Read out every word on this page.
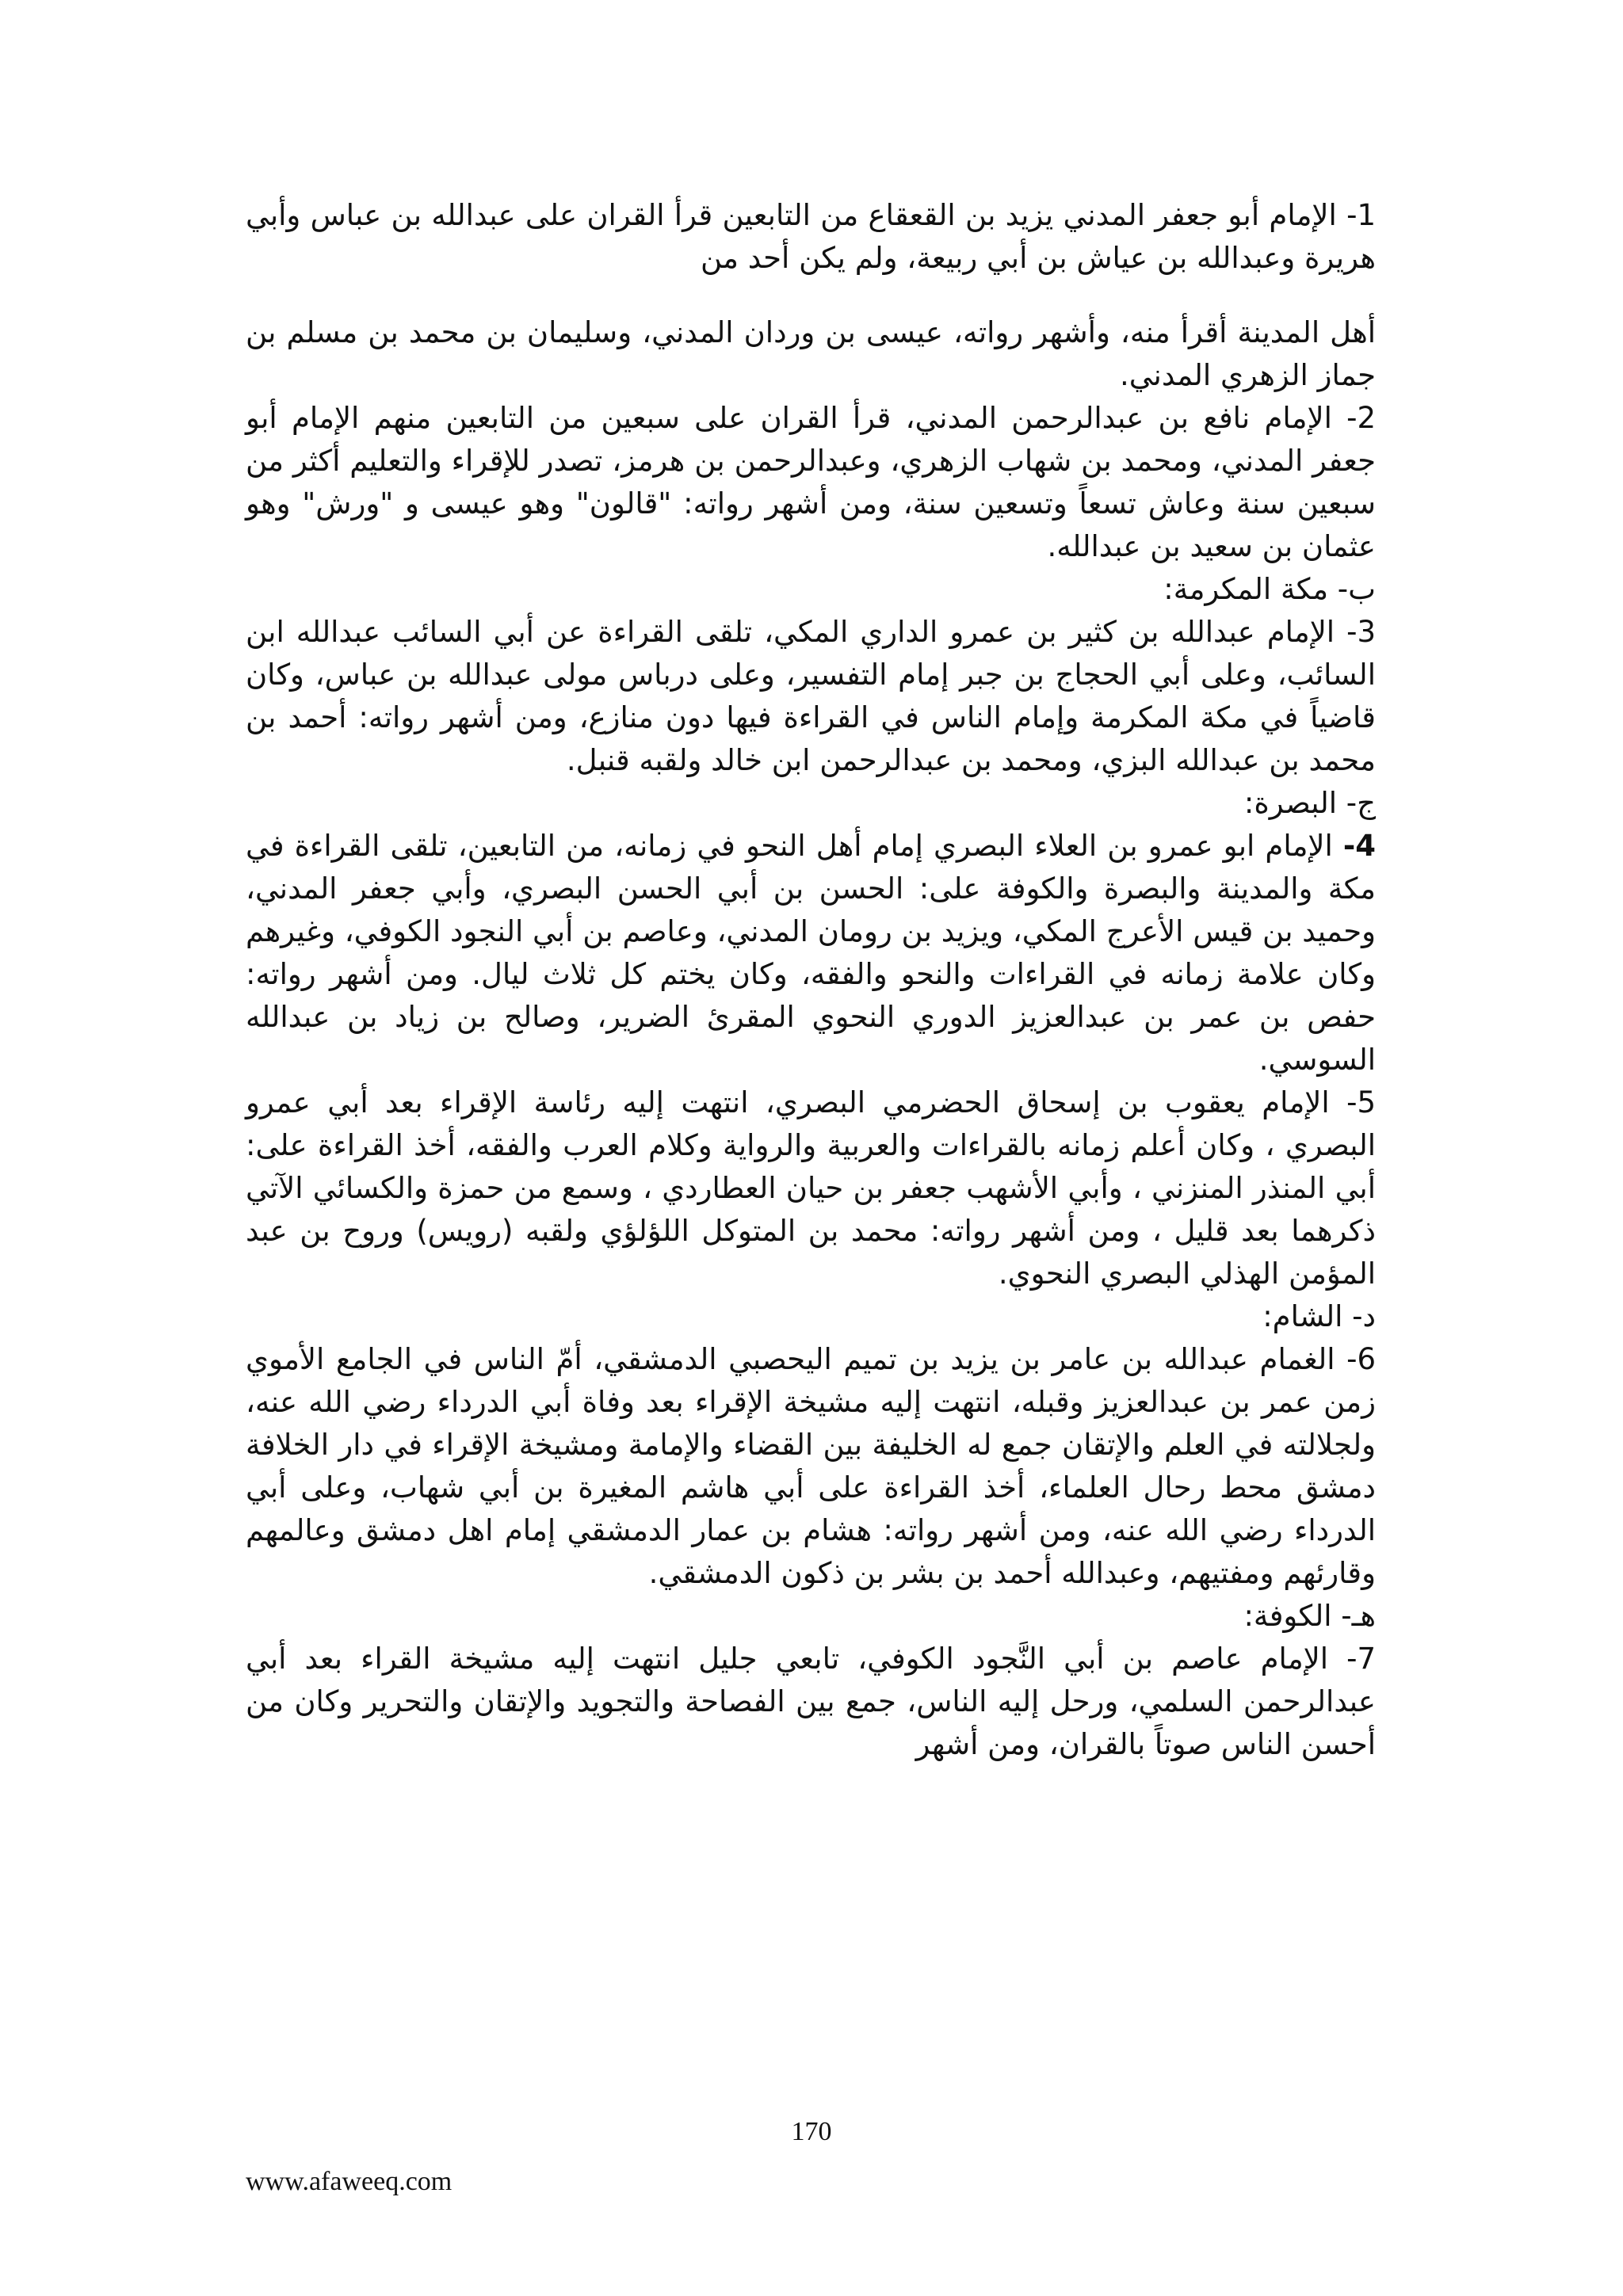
1- الإمام أبو جعفر المدني يزيد بن القعقاع من التابعين قرأ القران على عبدالله بن عباس وأبي هريرة وعبدالله بن عياش بن أبي ربيعة، ولم يكن أحد من

أهل المدينة أقرأ منه، وأشهر رواته، عيسى بن وردان المدني، وسليمان بن محمد بن مسلم بن جماز الزهري المدني.

2- الإمام نافع بن عبدالرحمن المدني، قرأ القران على سبعين من التابعين منهم الإمام أبو جعفر المدني، ومحمد بن شهاب الزهري، وعبدالرحمن بن هرمز، تصدر للإقراء والتعليم أكثر من سبعين سنة وعاش تسعاً وتسعين سنة، ومن أشهر رواته: "قالون" وهو عيسى و "ورش" وهو عثمان بن سعيد بن عبدالله.

ب- مكة المكرمة:

3- الإمام عبدالله بن كثير بن عمرو الداري المكي، تلقى القراءة عن أبي السائب عبدالله ابن السائب، وعلى أبي الحجاج بن جبر إمام التفسير، وعلى درباس مولى عبدالله بن عباس، وكان قاضياً في مكة المكرمة وإمام الناس في القراءة فيها دون منازع، ومن أشهر رواته: أحمد بن محمد بن عبدالله البزي، ومحمد بن عبدالرحمن ابن خالد ولقبه قنبل.

ج- البصرة:

4- الإمام ابو عمرو بن العلاء البصري إمام أهل النحو في زمانه، من التابعين، تلقى القراءة في مكة والمدينة والبصرة والكوفة على: الحسن بن أبي الحسن البصري، وأبي جعفر المدني، وحميد بن قيس الأعرج المكي، ويزيد بن رومان المدني، وعاصم بن أبي النجود الكوفي، وغيرهم وكان علامة زمانه في القراءات والنحو والفقه، وكان يختم كل ثلاث ليال. ومن أشهر رواته: حفص بن عمر بن عبدالعزيز الدوري النحوي المقرئ الضرير، وصالح بن زياد بن عبدالله السوسي.

5- الإمام يعقوب بن إسحاق الحضرمي البصري، انتهت إليه رئاسة الإقراء بعد أبي عمرو البصري ، وكان أعلم زمانه بالقراءات والعربية والرواية وكلام العرب والفقه، أخذ القراءة على: أبي المنذر المنزني ، وأبي الأشهب جعفر بن حيان العطاردي ، وسمع من حمزة والكسائي الآتي ذكرهما بعد قليل ، ومن أشهر رواته: محمد بن المتوكل اللؤلؤي ولقبه (رويس) وروح بن عبد المؤمن الهذلي البصري النحوي.

د- الشام:

6- الغمام عبدالله بن عامر بن يزيد بن تميم اليحصبي الدمشقي، أمّ الناس في الجامع الأموي زمن عمر بن عبدالعزيز وقبله، انتهت إليه مشيخة الإقراء بعد وفاة أبي الدرداء رضي الله عنه، ولجلالته في العلم والإتقان جمع له الخليفة بين القضاء والإمامة ومشيخة الإقراء في دار الخلافة دمشق محط رحال العلماء، أخذ القراءة على أبي هاشم المغيرة بن أبي شهاب، وعلى أبي الدرداء رضي الله عنه، ومن أشهر رواته: هشام بن عمار الدمشقي إمام اهل دمشق وعالمهم وقارئهم ومفتيهم، وعبدالله أحمد بن بشر بن ذكون الدمشقي.

هـ- الكوفة:

7- الإمام عاصم بن أبي النَّجود الكوفي، تابعي جليل انتهت إليه مشيخة القراء بعد أبي عبدالرحمن السلمي، ورحل إليه الناس، جمع بين الفصاحة والتجويد والإتقان والتحرير وكان من أحسن الناس صوتاً بالقران، ومن أشهر

170
www.afaweeq.com
